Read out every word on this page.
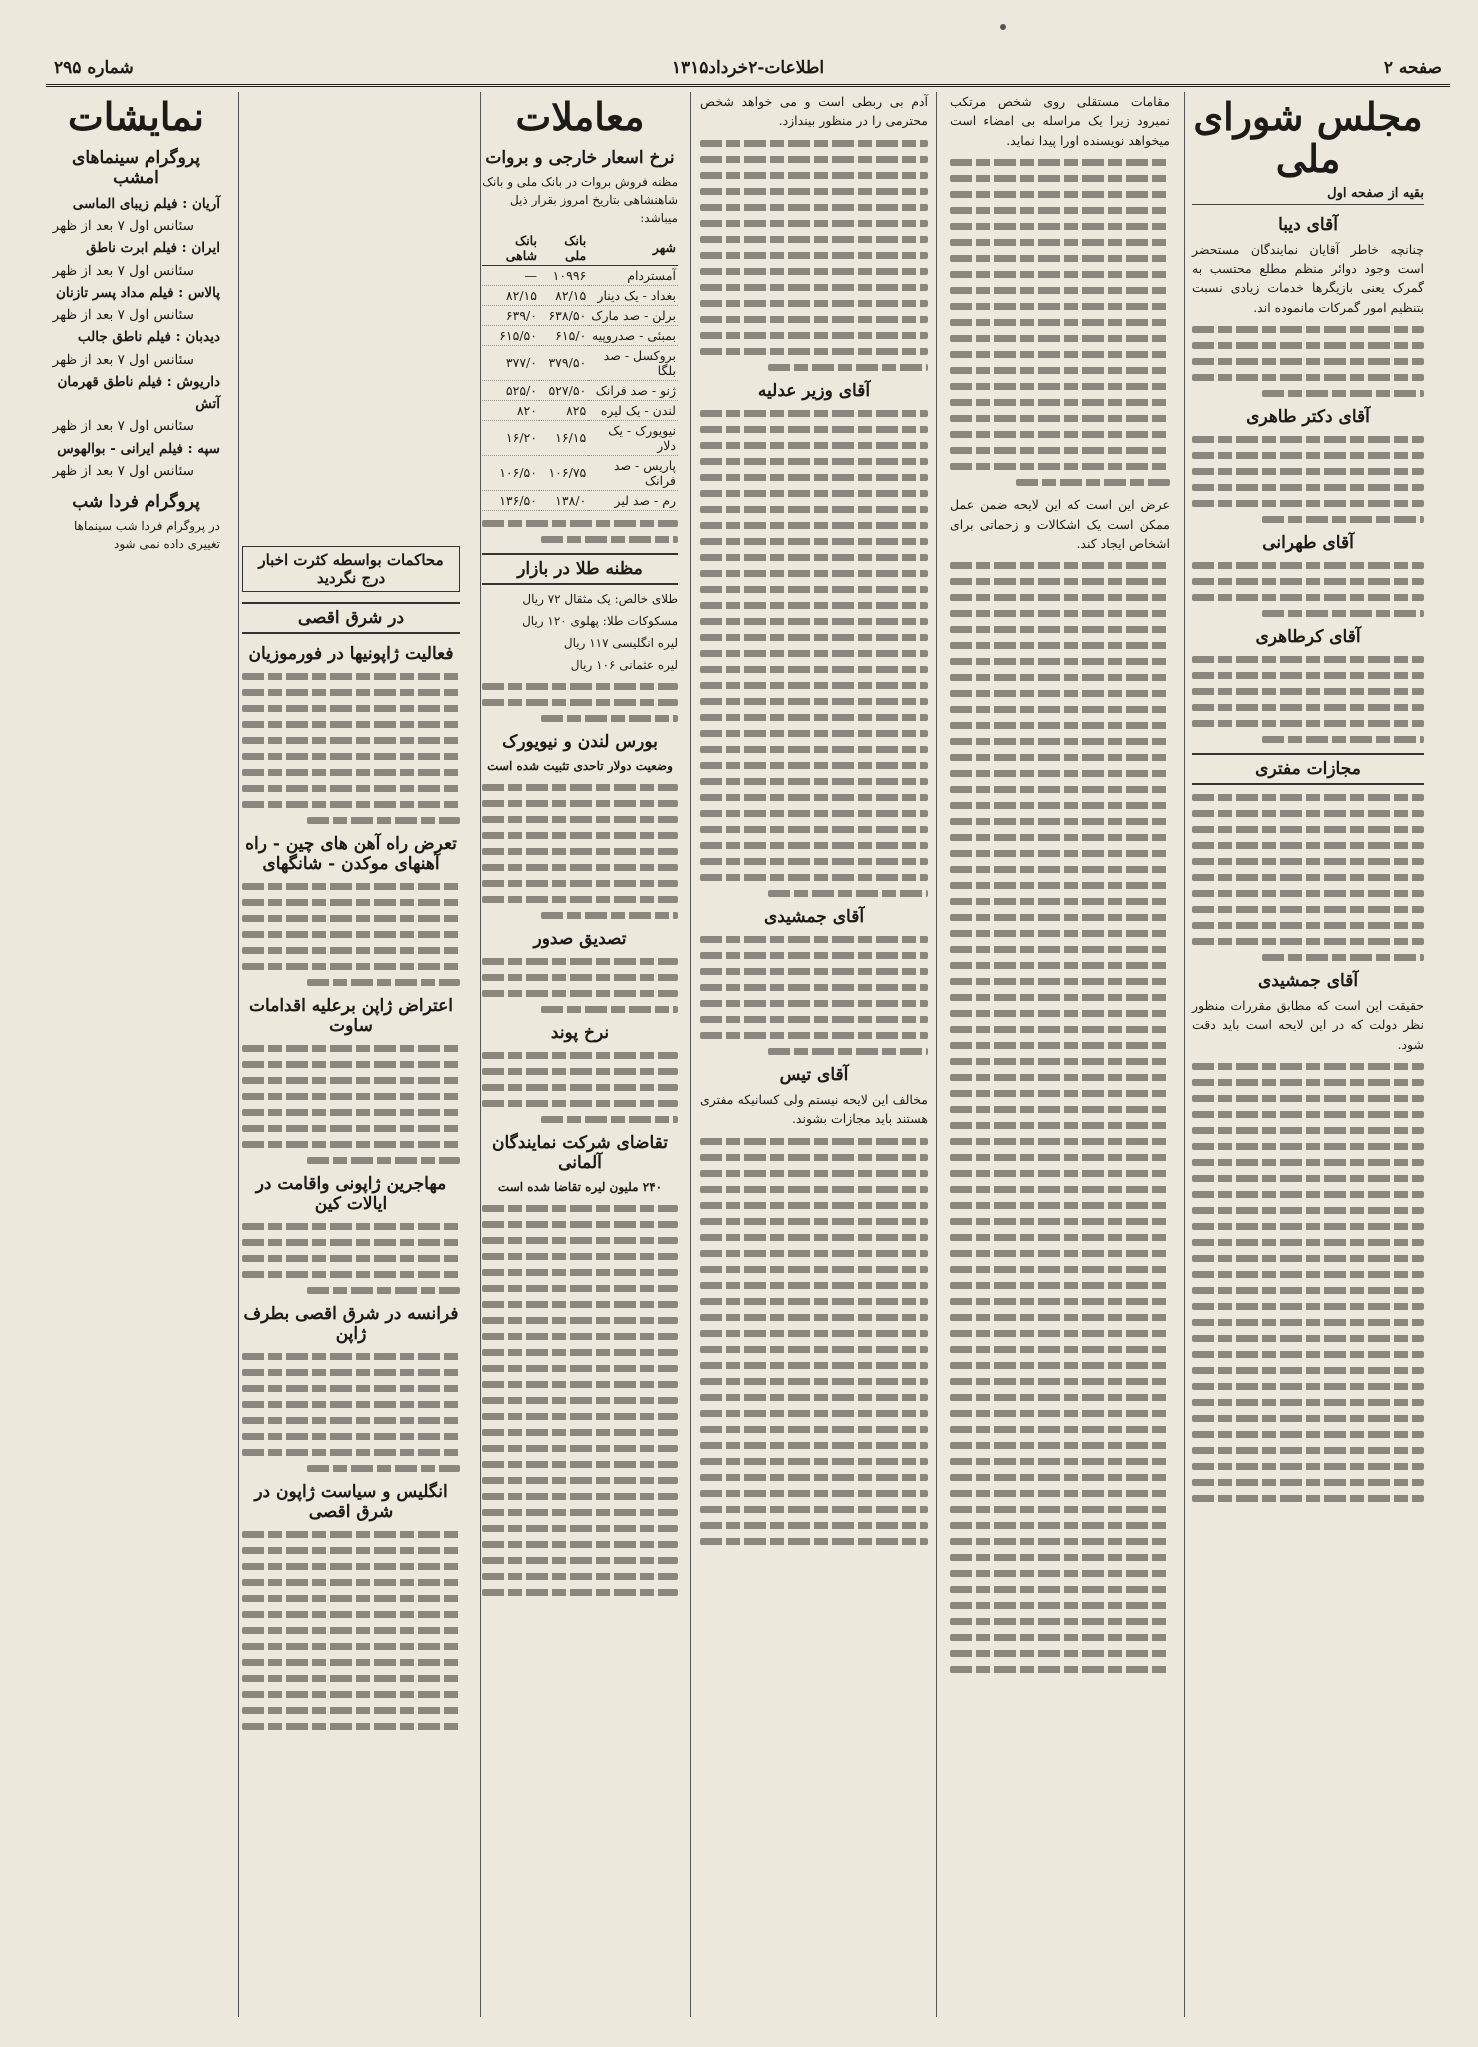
صفحه ۲
اطلاعات-۲خرداد۱۳۱۵
شماره ۲۹۵
مجلس شورای ملی
بقیه از صفحه اول
آقای دیبا

چنانچه خاطر آقایان نمایندگان مستحضر است وجود دوائر منظم مطلع محتسب به گمرک یعنی بازیگرها خدمات زیادی نسبت بتنظیم امور گمرکات مانموده اند.

آقای دکتر طاهری
آقای طهرانی
آقای کرطاهری
مجازات مفتری
آقای جمشیدی

حقیقت این است که مطابق مقررات منظور نظر دولت که در این لایحه است باید دقت شود.

مقامات مستقلی روی شخص مرتکب نمیرود زیرا یک مراسله بی امضاء است میخواهد نویسنده اورا پیدا نماید.

عرض این است که این لایحه ضمن عمل ممکن است یک اشکالات و زحماتی برای اشخاص ایجاد کند.

آدم بی ربطی است و می خواهد شخص محترمی را در منظور بیندازد.

آقای وزیر عدلیه
آقای جمشیدی
آقای تیس

مخالف این لایحه نیستم ولی کسانیکه مفتری هستند باید مجازات بشوند.

معاملات
نرخ اسعار خارجی و بروات
مظنه فروش بروات در بانک ملی و بانک شاهنشاهی بتاریخ امروز بقرار ذیل میباشد:
شهر	بانک ملی	بانک شاهی
آمستردام	۱۰۹۹۶	—
بغداد - یک دینار	۸۲/۱۵	۸۲/۱۵
برلن - صد مارک	۶۳۸/۵۰	۶۳۹/۰
بمبئی - صدروپیه	۶۱۵/۰	۶۱۵/۵۰
بروکسل - صد بلگا	۳۷۹/۵۰	۳۷۷/۰
ژنو - صد فرانک	۵۲۷/۵۰	۵۲۵/۰
لندن - یک لیره	۸۲۵	۸۲۰
نیویورک - یک دلار	۱۶/۱۵	۱۶/۲۰
پاریس - صد فرانک	۱۰۶/۷۵	۱۰۶/۵۰
رم - صد لیر	۱۳۸/۰	۱۳۶/۵۰
مظنه طلا در بازار
طلای خالص: یک مثقال ۷۲ ریال
مسکوکات طلا: پهلوی ۱۲۰ ریال
لیره انگلیسی ۱۱۷ ریال
لیره عثمانی ۱۰۶ ریال
بورس لندن و نیویورک
وضعیت دولار تاحدی تثبیت شده است
تصدیق صدور
نرخ پوند
تقاضای شرکت نمایندگان آلمانی
۲۴۰ ملیون لیره تقاضا شده است
محاکمات بواسطه کثرت اخبار درج نگردید
در شرق اقصی
فعالیت ژاپونیها در فورموزیان
تعرض راه آهن های چین - راه آهنهای موکدن - شانگهای
اعتراض ژاپن برعلیه اقدامات ساوت
مهاجرین ژاپونی واقامت در ایالات کین
فرانسه در شرق اقصی بطرف ژاپن
انگلیس و سیاست ژاپون در شرق اقصی
نمایشات
پروگرام سینماهای امشب
آریان : فیلم زیبای الماسی
سئانس اول ۷ بعد از ظهر
ایران : فیلم ابرت ناطق
سئانس اول ۷ بعد از ظهر
پالاس : فیلم مداد پسر تازنان
سئانس اول ۷ بعد از ظهر
دیدبان : فیلم ناطق جالب
سئانس اول ۷ بعد از ظهر
داریوش : فیلم ناطق قهرمان آتش
سئانس اول ۷ بعد از ظهر
سپه : فیلم ایرانی - بوالهوس
سئانس اول ۷ بعد از ظهر
پروگرام فردا شب
در پروگرام فردا شب سینماها تغییری داده نمی شود
